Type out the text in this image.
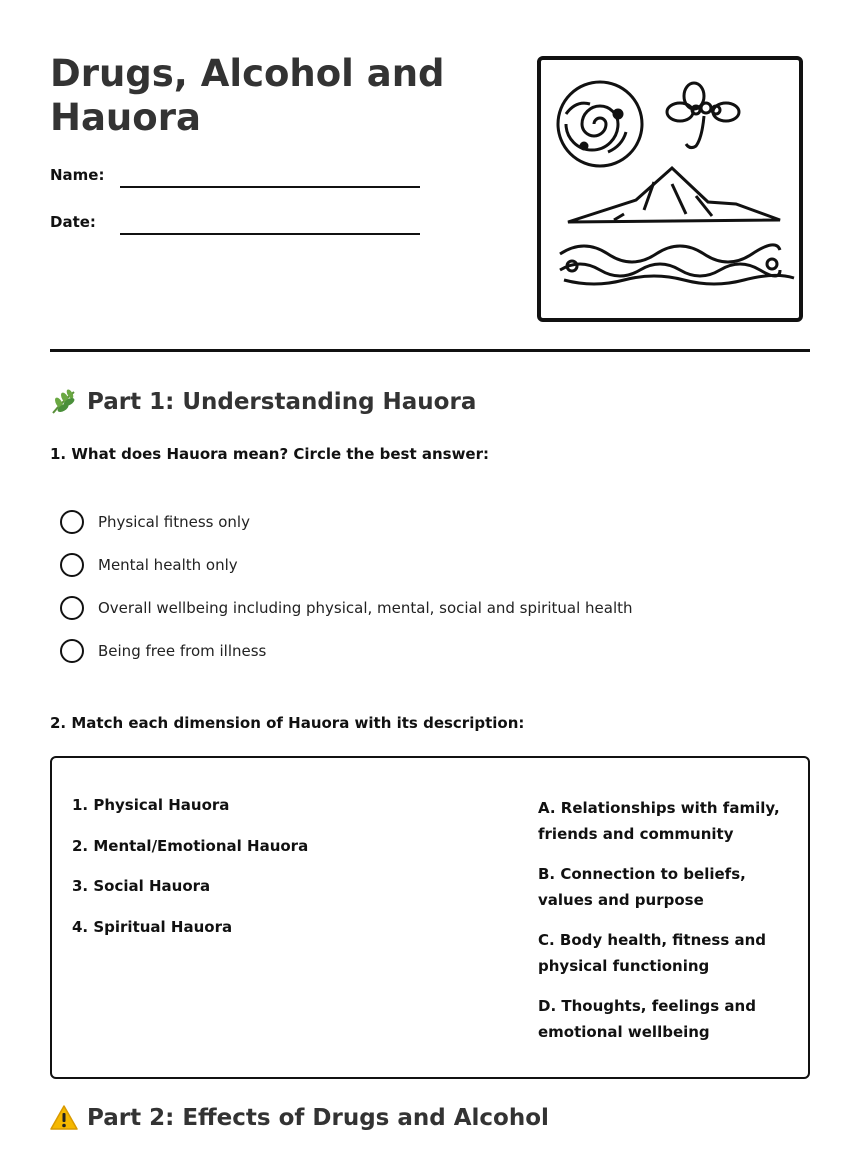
Drugs, Alcohol and Hauora
Name:
Date:
Part 1: Understanding Hauora
1. What does Hauora mean? Circle the best answer:
Physical fitness only
Mental health only
Overall wellbeing including physical, mental, social and spiritual health
Being free from illness
2. Match each dimension of Hauora with its description:
1. Physical Hauora
2. Mental/Emotional Hauora
3. Social Hauora
4. Spiritual Hauora
A. Relationships with family, friends and community
B. Connection to beliefs, values and purpose
C. Body health, fitness and physical functioning
D. Thoughts, feelings and emotional wellbeing
Part 2: Effects of Drugs and Alcohol
